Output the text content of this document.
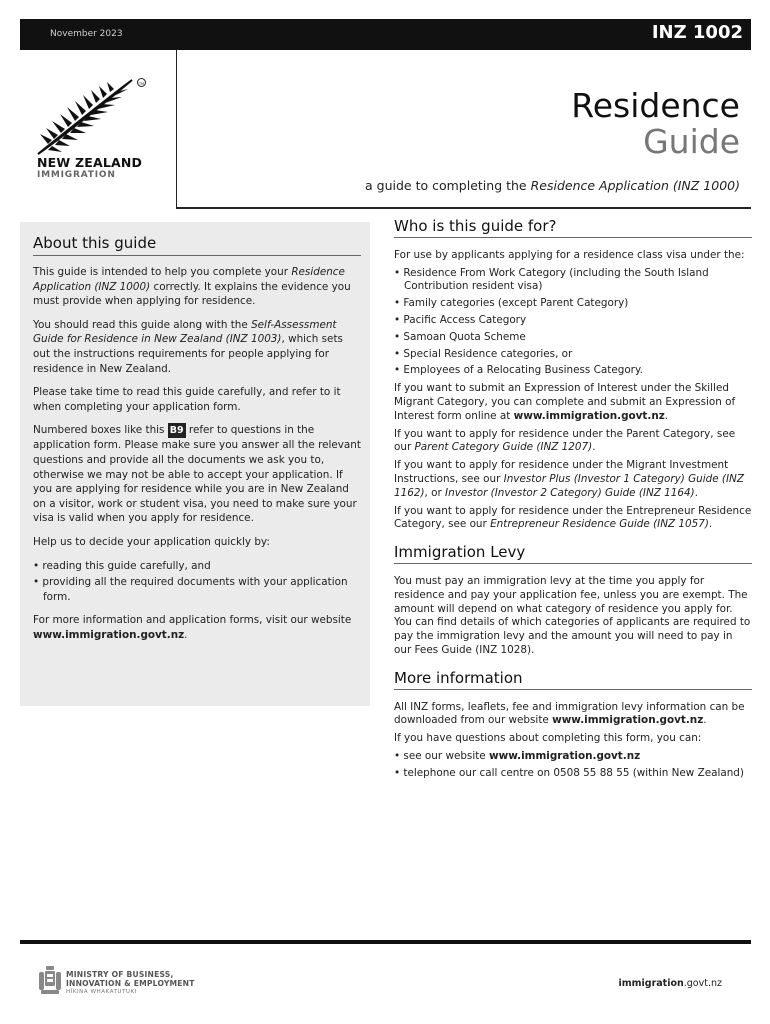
November 2023	INZ 1002
TM
NEW ZEALAND
IMMIGRATION
Residence
Guide
a guide to completing the Residence Application (INZ 1000)
About this guide

This guide is intended to help you complete your Residence Application (INZ 1000) correctly. It explains the evidence you must provide when applying for residence.

You should read this guide along with the Self-Assessment Guide for Residence in New Zealand (INZ 1003), which sets out the instructions requirements for people applying for residence in New Zealand.

Please take time to read this guide carefully, and refer to it when completing your application form.

Numbered boxes like this B9 refer to questions in the application form. Please make sure you answer all the relevant questions and provide all the documents we ask you to, otherwise we may not be able to accept your application. If you are applying for residence while you are in New Zealand on a visitor, work or student visa, you need to make sure your visa is valid when you apply for residence.

Help us to decide your application quickly by:

• reading this guide carefully, and
• providing all the required documents with your application form.

For more information and application forms, visit our website www.immigration.govt.nz.

Who is this guide for?

For use by applicants applying for a residence class visa under the:

• Residence From Work Category (including the South Island Contribution resident visa)
• Family categories (except Parent Category)
• Pacific Access Category
• Samoan Quota Scheme
• Special Residence categories, or
• Employees of a Relocating Business Category.

If you want to submit an Expression of Interest under the Skilled Migrant Category, you can complete and submit an Expression of Interest form online at www.immigration.govt.nz.

If you want to apply for residence under the Parent Category, see our Parent Category Guide (INZ 1207).

If you want to apply for residence under the Migrant Investment Instructions, see our Investor Plus (Investor 1 Category) Guide (INZ 1162), or Investor (Investor 2 Category) Guide (INZ 1164).

If you want to apply for residence under the Entrepreneur Residence Category, see our Entrepreneur Residence Guide (INZ 1057).

Immigration Levy

You must pay an immigration levy at the time you apply for residence and pay your application fee, unless you are exempt. The amount will depend on what category of residence you apply for. You can find details of which categories of applicants are required to pay the immigration levy and the amount you will need to pay in our Fees Guide (INZ 1028).

More information

All INZ forms, leaflets, fee and immigration levy information can be downloaded from our website www.immigration.govt.nz.

If you have questions about completing this form, you can:

• see our website www.immigration.govt.nz
• telephone our call centre on 0508 55 88 55 (within New Zealand)
MINISTRY OF BUSINESS,
INNOVATION & EMPLOYMENT
HĪKINA WHAKATUTUKI
immigration.govt.nz
